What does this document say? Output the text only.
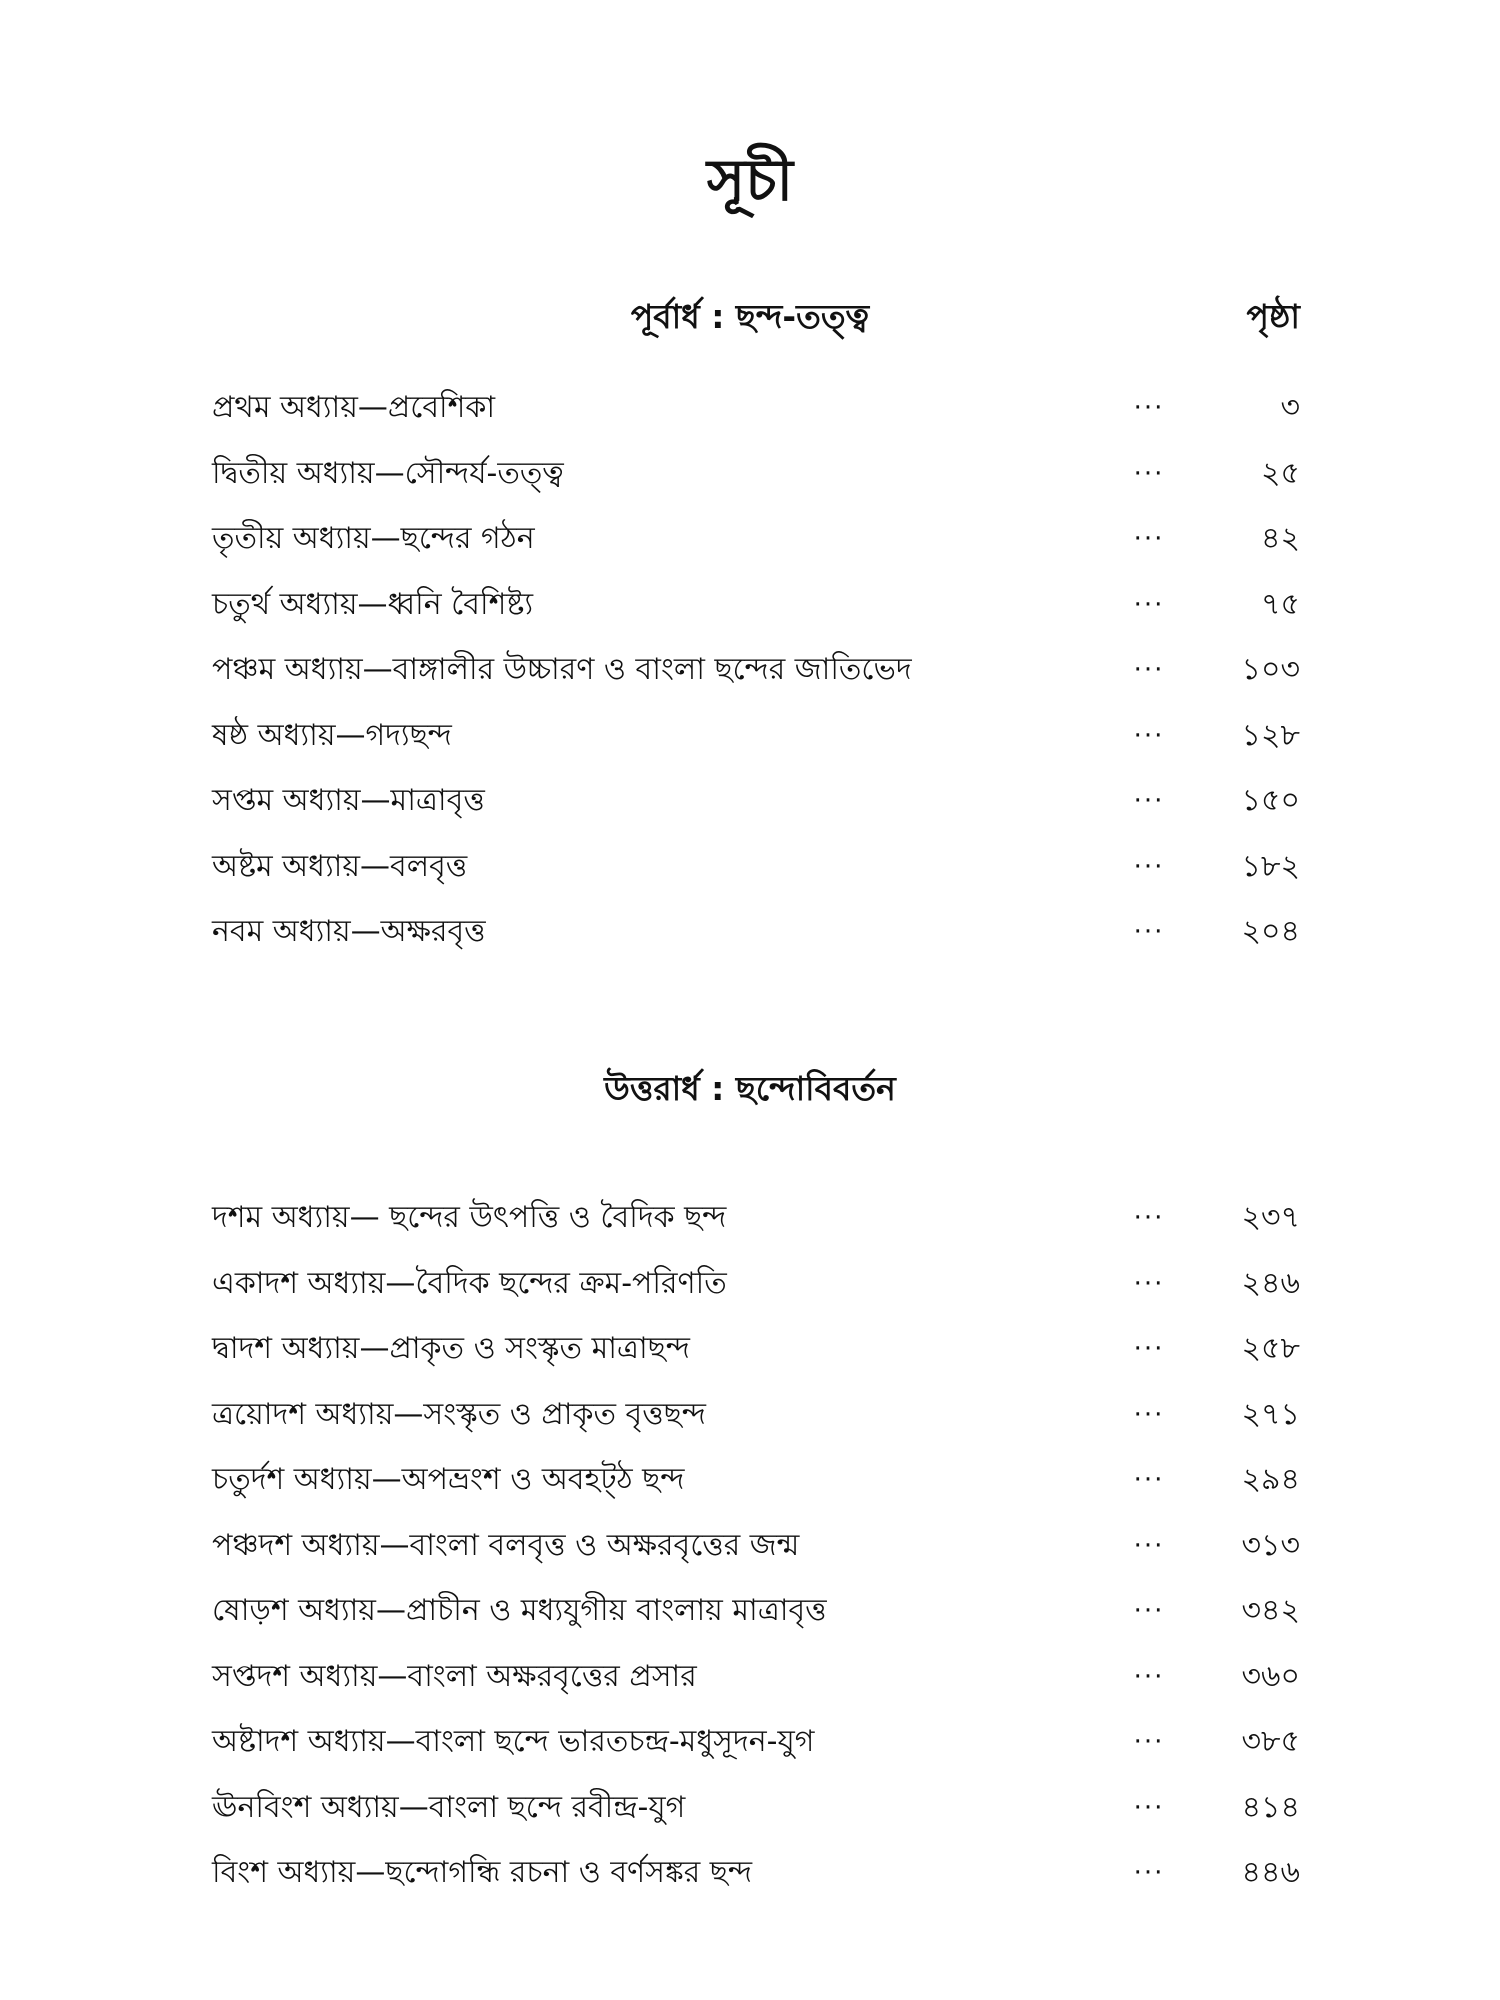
সূচী
পূর্বার্ধ : ছন্দ-তত্ত্ব	পৃষ্ঠা
প্রথম অধ্যায়—প্রবেশিকা	···	৩
দ্বিতীয় অধ্যায়—সৌন্দর্য-তত্ত্ব	···	২৫
তৃতীয় অধ্যায়—ছন্দের গঠন	···	৪২
চতুর্থ অধ্যায়—ধ্বনি বৈশিষ্ট্য	···	৭৫
পঞ্চম অধ্যায়—বাঙ্গালীর উচ্চারণ ও বাংলা ছন্দের জাতিভেদ	···	১০৩
ষষ্ঠ অধ্যায়—গদ্যছন্দ	···	১২৮
সপ্তম অধ্যায়—মাত্রাবৃত্ত	···	১৫০
অষ্টম অধ্যায়—বলবৃত্ত	···	১৮২
নবম অধ্যায়—অক্ষরবৃত্ত	···	২০৪
উত্তরার্ধ : ছন্দোবিবর্তন
দশম অধ্যায়— ছন্দের উৎপত্তি ও বৈদিক ছন্দ	···	২৩৭
একাদশ অধ্যায়—বৈদিক ছন্দের ক্রম-পরিণতি	···	২৪৬
দ্বাদশ অধ্যায়—প্রাকৃত ও সংস্কৃত মাত্রাছন্দ	···	২৫৮
ত্রয়োদশ অধ্যায়—সংস্কৃত ও প্রাকৃত বৃত্তছন্দ	···	২৭১
চতুর্দশ অধ্যায়—অপভ্রংশ ও অবহট্‌ঠ ছন্দ	···	২৯৪
পঞ্চদশ অধ্যায়—বাংলা বলবৃত্ত ও অক্ষরবৃত্তের জন্ম	···	৩১৩
ষোড়শ অধ্যায়—প্রাচীন ও মধ্যযুগীয় বাংলায় মাত্রাবৃত্ত	···	৩৪২
সপ্তদশ অধ্যায়—বাংলা অক্ষরবৃত্তের প্রসার	···	৩৬০
অষ্টাদশ অধ্যায়—বাংলা ছন্দে ভারতচন্দ্র-মধুসূদন-যুগ	···	৩৮৫
ঊনবিংশ অধ্যায়—বাংলা ছন্দে রবীন্দ্র-যুগ	···	৪১৪
বিংশ অধ্যায়—ছন্দোগন্ধি রচনা ও বর্ণসঙ্কর ছন্দ	···	৪৪৬
